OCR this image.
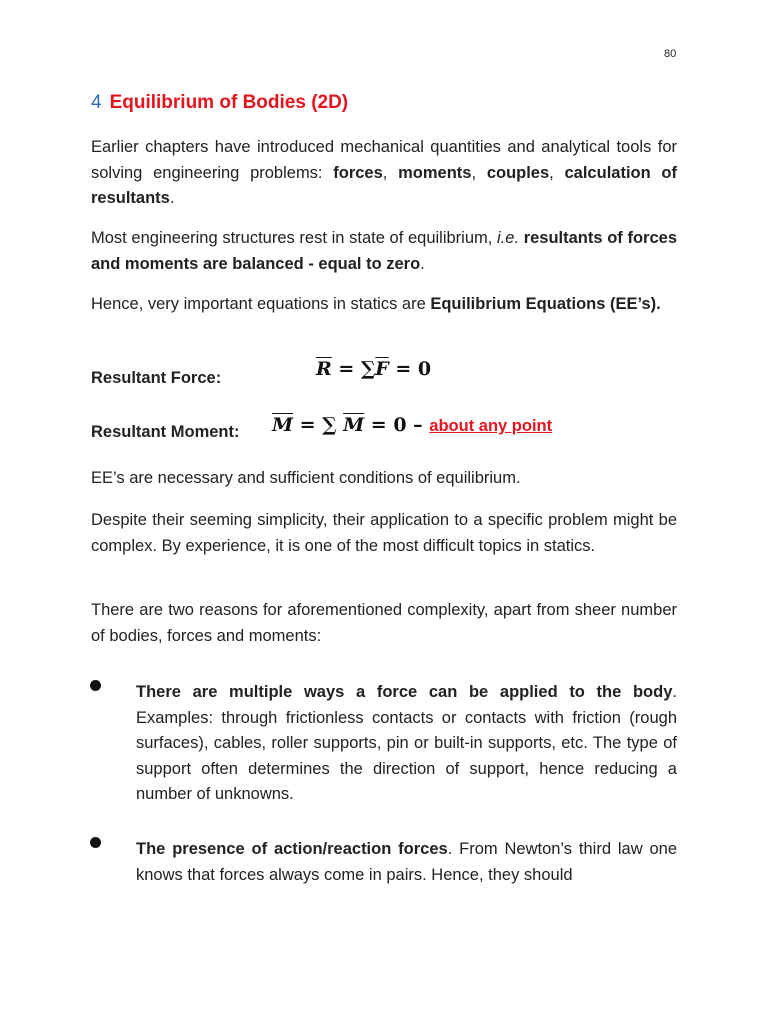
80
4 Equilibrium of Bodies (2D)

Earlier chapters have introduced mechanical quantities and analytical tools for solving engineering problems: forces, moments, couples, calculation of resultants.

Most engineering structures rest in state of equilibrium, i.e. resultants of forces and moments are balanced - equal to zero.

Hence, very important equations in statics are Equilibrium Equations (EE’s).

Resultant Force:	$\overline{R} = \sum\overline{F} = 0$
Resultant Moment: $\overline{M}$ = ∑ $\overline{M} = 0$ – about any point

EE’s are necessary and sufficient conditions of equilibrium.

Despite their seeming simplicity, their application to a specific problem might be complex. By experience, it is one of the most difficult topics in statics.

There are two reasons for aforementioned complexity, apart from sheer number of bodies, forces and moments:

There are multiple ways a force can be applied to the body. Examples: through frictionless contacts or contacts with friction (rough surfaces), cables, roller supports, pin or built-in supports, etc. The type of support often determines the direction of support, hence reducing a number of unknowns.

The presence of action/reaction forces. From Newton’s third law one knows that forces always come in pairs. Hence, they should
